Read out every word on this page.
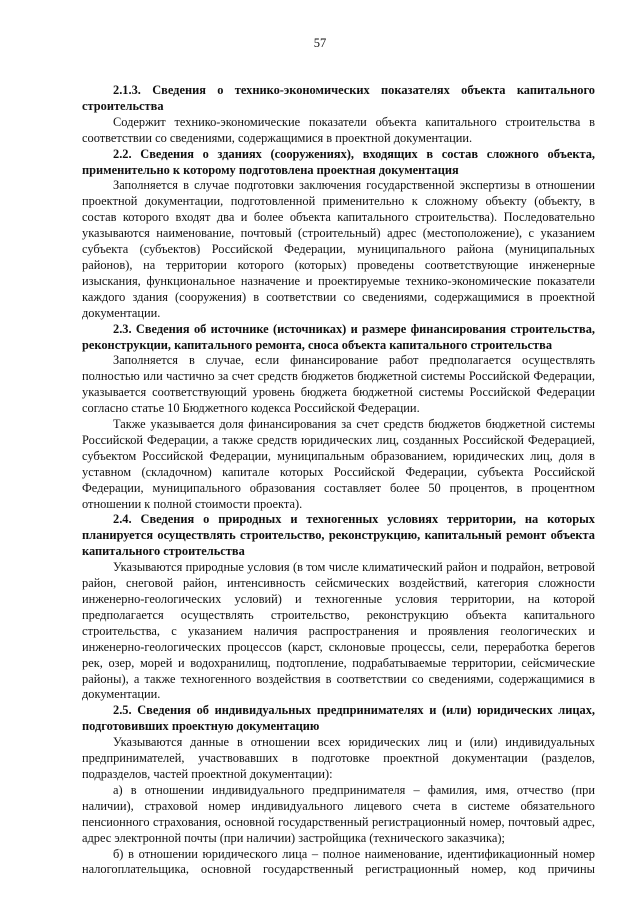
57

2.1.3. Сведения о технико-экономических показателях объекта капитального строительства

Содержит технико-экономические показатели объекта капитального строительства в соответствии со сведениями, содержащимися в проектной документации.

2.2. Сведения о зданиях (сооружениях), входящих в состав сложного объекта, применительно к которому подготовлена проектная документация

Заполняется в случае подготовки заключения государственной экспертизы в отношении проектной документации, подготовленной применительно к сложному объекту (объекту, в состав которого входят два и более объекта капитального строительства). Последовательно указываются наименование, почтовый (строительный) адрес (местоположение), с указанием субъекта (субъектов) Российской Федерации, муниципального района (муниципальных районов), на территории которого (которых) проведены соответствующие инженерные изыскания, функциональное назначение и проектируемые технико-экономические показатели каждого здания (сооружения) в соответствии со сведениями, содержащимися в проектной документации.

2.3. Сведения об источнике (источниках) и размере финансирования строительства, реконструкции, капитального ремонта, сноса объекта капитального строительства

Заполняется в случае, если финансирование работ предполагается осуществлять полностью или частично за счет средств бюджетов бюджетной системы Российской Федерации, указывается соответствующий уровень бюджета бюджетной системы Российской Федерации согласно статье 10 Бюджетного кодекса Российской Федерации.

Также указывается доля финансирования за счет средств бюджетов бюджетной системы Российской Федерации, а также средств юридических лиц, созданных Российской Федерацией, субъектом Российской Федерации, муниципальным образованием, юридических лиц, доля в уставном (складочном) капитале которых Российской Федерации, субъекта Российской Федерации, муниципального образования составляет более 50 процентов, в процентном отношении к полной стоимости проекта).

2.4. Сведения о природных и техногенных условиях территории, на которых планируется осуществлять строительство, реконструкцию, капитальный ремонт объекта капитального строительства

Указываются природные условия (в том числе климатический район и подрайон, ветровой район, снеговой район, интенсивность сейсмических воздействий, категория сложности инженерно-геологических условий) и техногенные условия территории, на которой предполагается осуществлять строительство, реконструкцию объекта капитального строительства, с указанием наличия распространения и проявления геологических и инженерно-геологических процессов (карст, склоновые процессы, сели, переработка берегов рек, озер, морей и водохранилищ, подтопление, подрабатываемые территории, сейсмические районы), а также техногенного воздействия в соответствии со сведениями, содержащимися в документации.

2.5. Сведения об индивидуальных предпринимателях и (или) юридических лицах, подготовивших проектную документацию

Указываются данные в отношении всех юридических лиц и (или) индивидуальных предпринимателей, участвовавших в подготовке проектной документации (разделов, подразделов, частей проектной документации):

а) в отношении индивидуального предпринимателя – фамилия, имя, отчество (при наличии), страховой номер индивидуального лицевого счета в системе обязательного пенсионного страхования, основной государственный регистрационный номер, почтовый адрес, адрес электронной почты (при наличии) застройщика (технического заказчика);

б) в отношении юридического лица – полное наименование, идентификационный номер налогоплательщика, основной государственный регистрационный номер, код причины
